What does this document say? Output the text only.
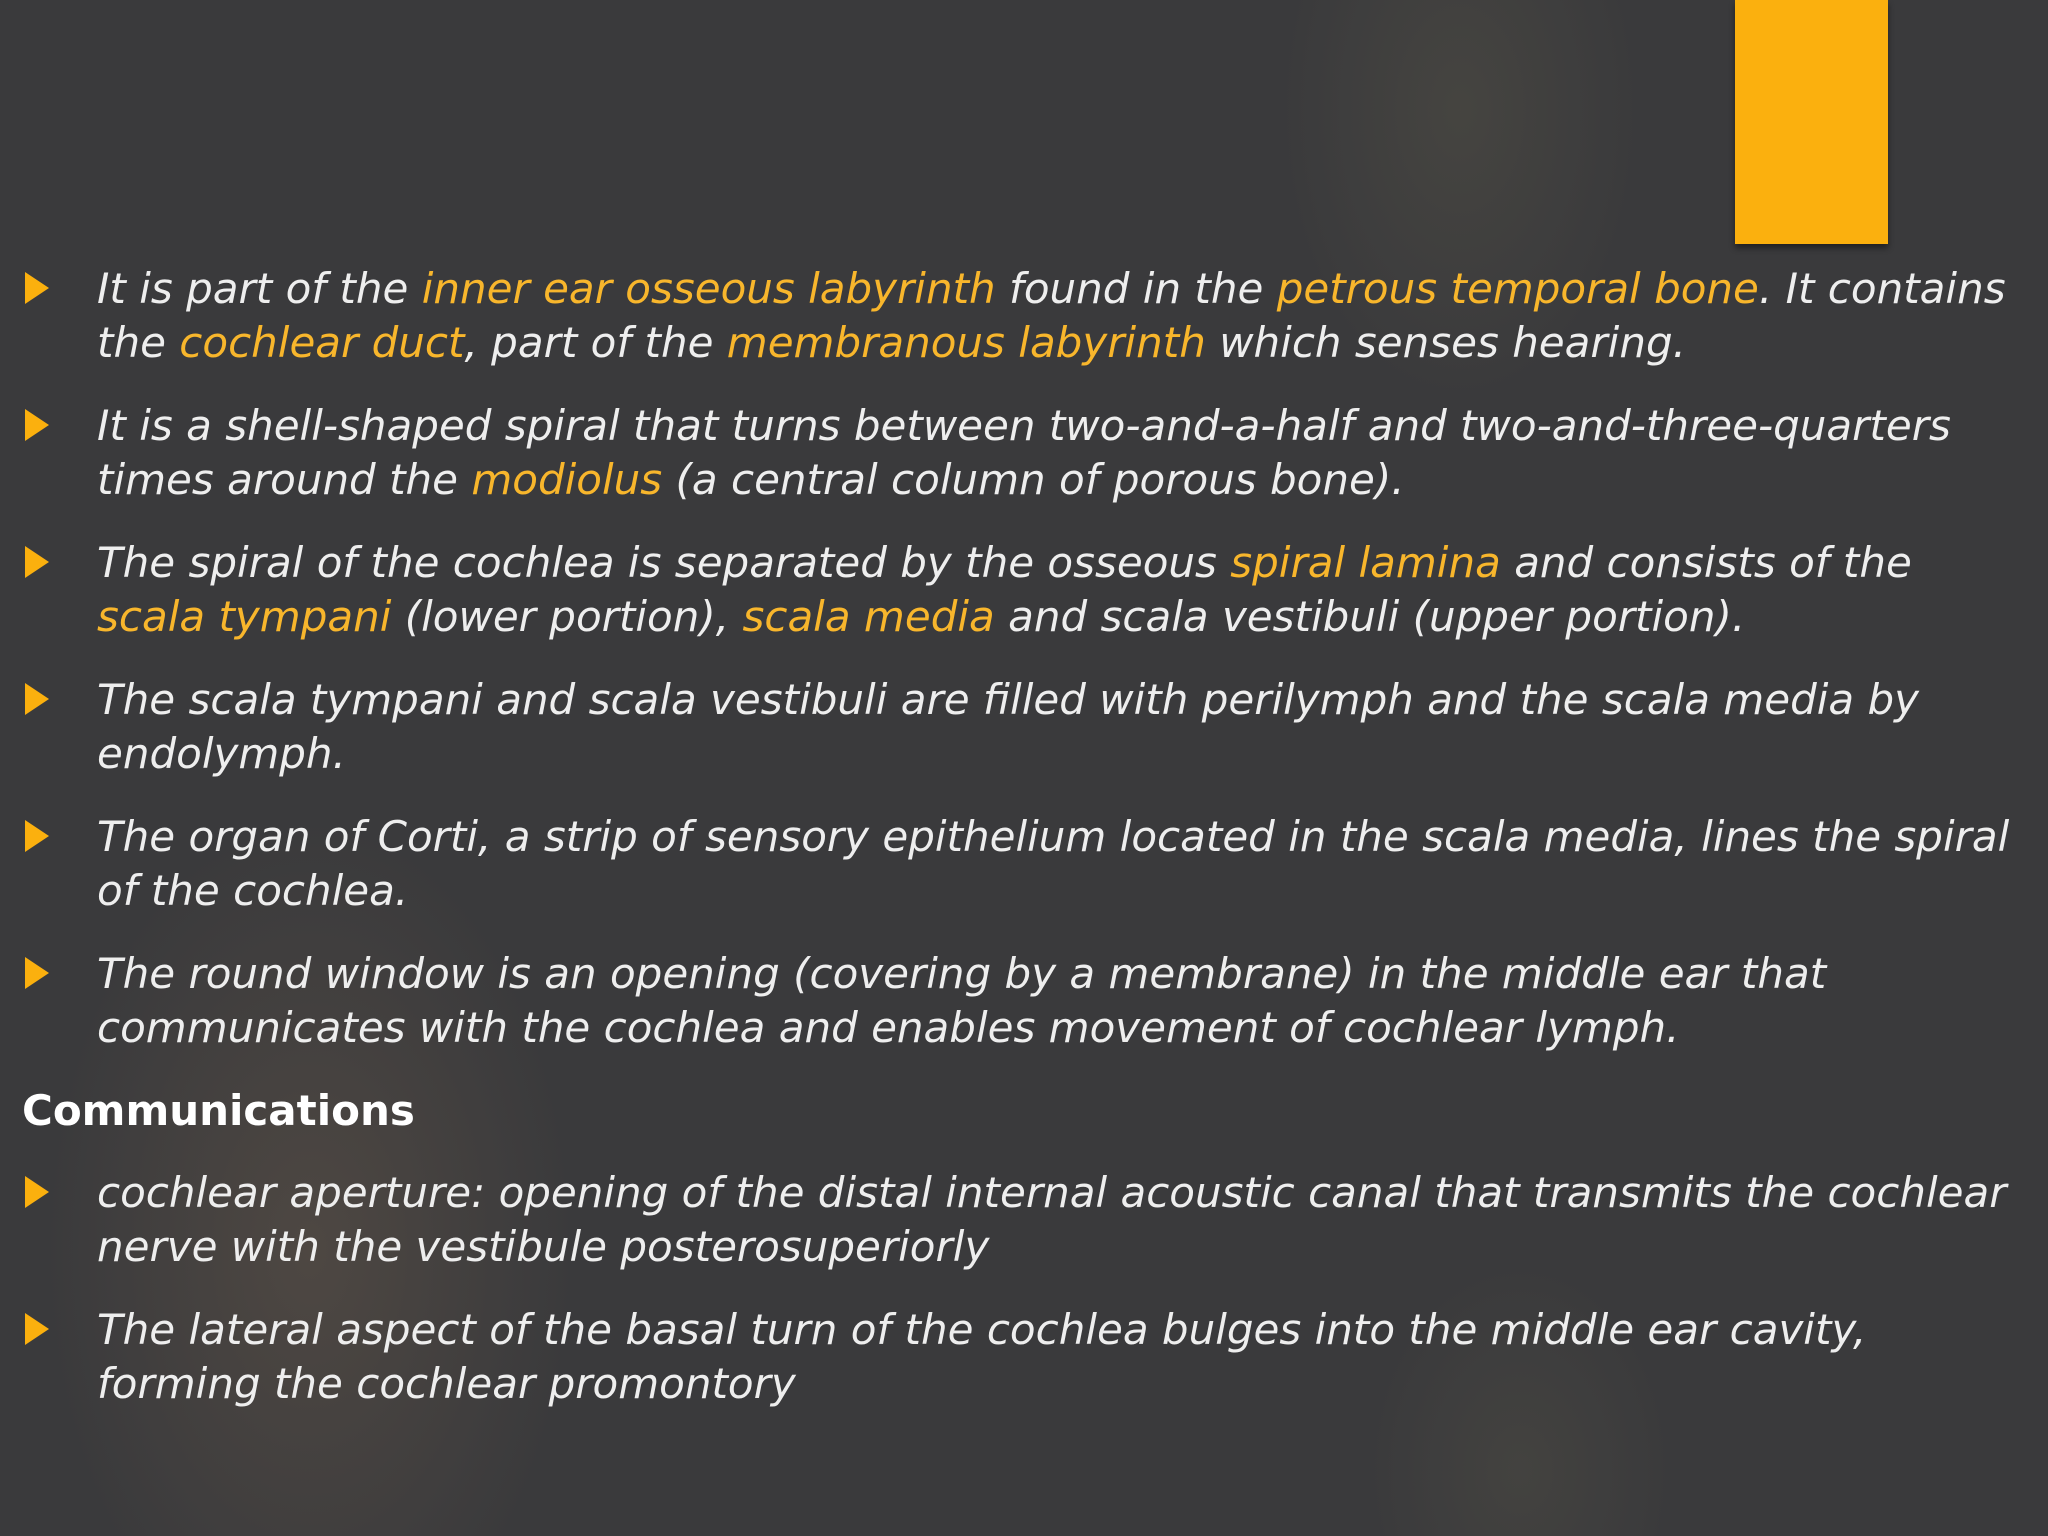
It is part of the inner ear osseous labyrinth found in the petrous temporal bone. It contains the cochlear duct, part of the membranous labyrinth which senses hearing.
It is a shell-shaped spiral that turns between two-and-a-half and two-and-three-quarters times around the modiolus (a central column of porous bone).
The spiral of the cochlea is separated by the osseous spiral lamina and consists of the scala tympani (lower portion), scala media and scala vestibuli (upper portion).
The scala tympani and scala vestibuli are filled with perilymph and the scala media by endolymph.
The organ of Corti, a strip of sensory epithelium located in the scala media, lines the spiral of the cochlea.
The round window is an opening (covering by a membrane) in the middle ear that communicates with the cochlea and enables movement of cochlear lymph.
Communications
cochlear aperture: opening of the distal internal acoustic canal that transmits the cochlear nerve with the vestibule posterosuperiorly
The lateral aspect of the basal turn of the cochlea bulges into the middle ear cavity, forming the cochlear promontory
